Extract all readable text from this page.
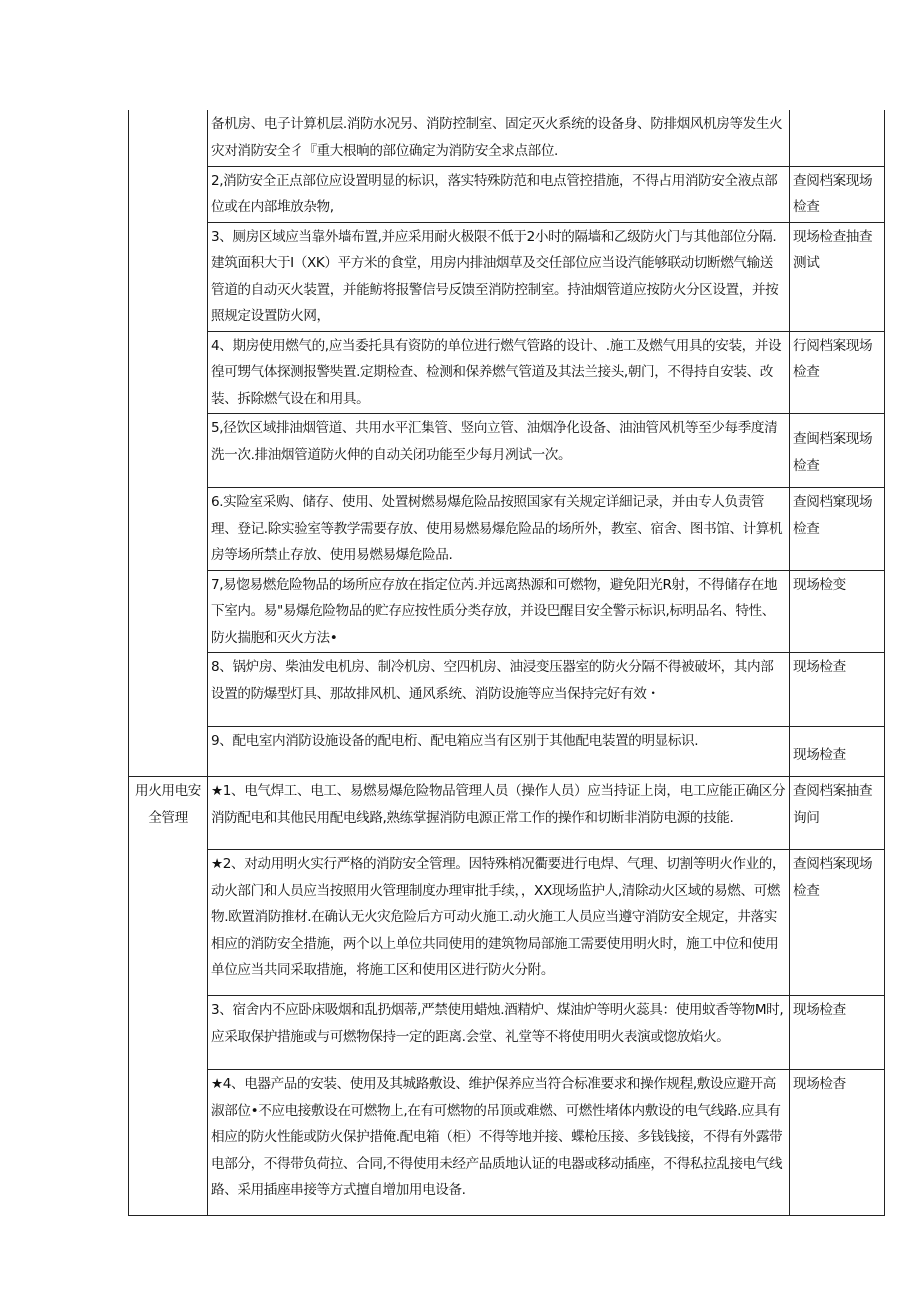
	备机房、电子计算机层.消防水况另、消防控制室、固定灭火系统的设备身、防排烟风机房等发生火灾对消防安全彳『重大根晌的部位确定为消防安全求点部位.	
	2,消防安全正点部位应设置明显的标识，落实特殊防范和电点管控措施，不得占用消防安全液点部位或在内部堆放杂物,	查阅档案现场检查
	3、厕房区域应当靠外墙布置,并应采用耐火极限不低于2小时的隔墙和乙级防火门与其他部位分隔.建筑面积大于I（XK）平方米的食堂，用房内排油烟草及交任部位应当设汽能够联动切断燃气输送管道的自动灭火装置，并能鲂将报警信号反馈至消防控制室。持油烟管道应按防火分区设置，并按照规定设置防火网，	现场检查抽查测试
	4、期房使用燃气的,应当委托具有资防的单位进行燃气管路的设计、.施工及燃气用具的安装，并设徨可甥气体探测报警奘置.定期检查、检测和保养燃气管道及其法兰接头,朝门，不得持自安装、改装、拆除燃气设在和用具。	行阅档案现场检查
	5,径饮区域排油烟管道、共用水平汇集管、竖向立管、油烟净化设备、油油管风机等至少每季度清洗一次.排油烟管道防火伸的自动关闭功能至少每月冽试一次。	查闽档案现场检查
	6.实险室采购、储存、使用、处置树燃易爆危险品按照国家有关规定详細记录，并由专人负责管理、登记.除实验室等教学需要存放、使用易燃易爆危险品的场所外，教室、宿舍、图书馆、计算机房等场所禁止存放、使用易燃易爆危险品.	查阅档窠现场检查
	7,易惚易燃危险物品的场所应存放在指定位芮.并远离热源和可燃物，避免阳光R射，不得储存在地下室内。易"易爆危险物品的贮存应按性质分类存放，并设巴醒目安全警示标识,标明品名、特性、防火揣胞和灭火方法•	现场检变
	8、锅炉房、柴油发电机房、制冷机房、空四机房、油浸变压器室的防火分隔不得被破坏，其内部设置的防爆型灯具、那故排风机、通风系统、消防设施等应当保持完好有效・	现场检查
	9、配电室内消防设施设备的配电桁、配电箱应当有区别于其他配电装置的明显标识.	现场检查
用火用电安全管理	★1、电气焊工、电工、易燃易爆危险物品管理人员（操作人员）应当持证上岗，电工应能正确区分消防配电和其他民用配电线路,熟练掌握消防电源正常工作的操作和切断非消防电源的技能.	查阅档案抽查询问
	★2、对动用明火实行严格的消防安全管理。因特殊梢况衢要进行电焊、气理、切割等明火作业的，动火部门和人员应当按照用火管理制度办理审批手续，，XX现场监护人,清除动火区域的易燃、可燃物.欧置消防推材.在确认无火灾危险后方可动火施工.动火施工人员应当遵守消防安全规定，井落实相应的消防安全措施，两个以上单位共同使用的建筑物局部施工需要使用明火时，施工中位和使用单位应当共同采取措施，将施工区和使用区进行防火分附。	查阅档案现场检查
	3、宿舍内不应卧床吸烟和乱扔烟蒂,严禁使用蜡烛.酒精炉、煤油炉等明火蕊具：使用蚊香等物M时,应采取保护措施或与可燃物保持一定的距离.会堂、礼堂等不将使用明火表演或惚放焰火。	现场检查
	★4、电器产品的安装、使用及其城路敷设、维护保养应当符合标准要求和操作规程,敷设应避开高淑部位•不应电接敷设在可燃物上,在有可燃物的吊顶或难燃、可燃性堵体内敷设的电气线路.应具有相应的防火性能或防火保护措俺.配电箱（柜）不得等地并接、蝶枪压接、多钱钱接，不得有外露带电部分，不得带负荷拉、合同,不得使用未经产品质地认证的电器或移动插座，不得私拉乱接电气线路、采用插座串接等方式擅自增加用电设备.	现场检杳
